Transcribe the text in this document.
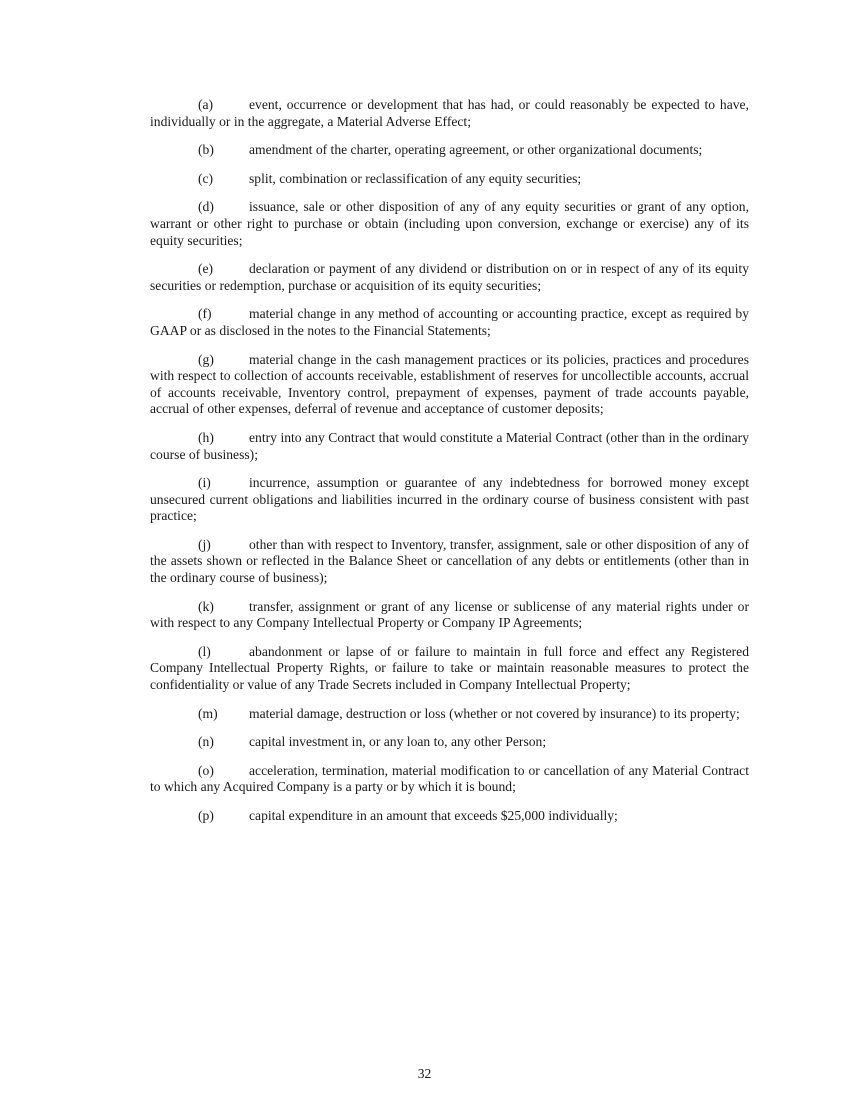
(a)	event, occurrence or development that has had, or could reasonably be expected to have, individually or in the aggregate, a Material Adverse Effect;

(b)	amendment of the charter, operating agreement, or other organizational documents;

(c)	split, combination or reclassification of any equity securities;

(d)	issuance, sale or other disposition of any of any equity securities or grant of any option, warrant or other right to purchase or obtain (including upon conversion, exchange or exercise) any of its equity securities;

(e)	declaration or payment of any dividend or distribution on or in respect of any of its equity securities or redemption, purchase or acquisition of its equity securities;

(f)	material change in any method of accounting or accounting practice, except as required by GAAP or as disclosed in the notes to the Financial Statements;

(g)	material change in the cash management practices or its policies, practices and procedures with respect to collection of accounts receivable, establishment of reserves for uncollectible accounts, accrual of accounts receivable, Inventory control, prepayment of expenses, payment of trade accounts payable, accrual of other expenses, deferral of revenue and acceptance of customer deposits;

(h)	entry into any Contract that would constitute a Material Contract (other than in the ordinary course of business);

(i)	incurrence, assumption or guarantee of any indebtedness for borrowed money except unsecured current obligations and liabilities incurred in the ordinary course of business consistent with past practice;

(j)	other than with respect to Inventory, transfer, assignment, sale or other disposition of any of the assets shown or reflected in the Balance Sheet or cancellation of any debts or entitlements (other than in the ordinary course of business);

(k)	transfer, assignment or grant of any license or sublicense of any material rights under or with respect to any Company Intellectual Property or Company IP Agreements;

(l)	abandonment or lapse of or failure to maintain in full force and effect any Registered Company Intellectual Property Rights, or failure to take or maintain reasonable measures to protect the confidentiality or value of any Trade Secrets included in Company Intellectual Property;

(m) material damage, destruction or loss (whether or not covered by insurance) to its property;

(n)	capital investment in, or any loan to, any other Person;

(o)	acceleration, termination, material modification to or cancellation of any Material Contract to which any Acquired Company is a party or by which it is bound;

(p)	capital expenditure in an amount that exceeds $25,000 individually;

32
